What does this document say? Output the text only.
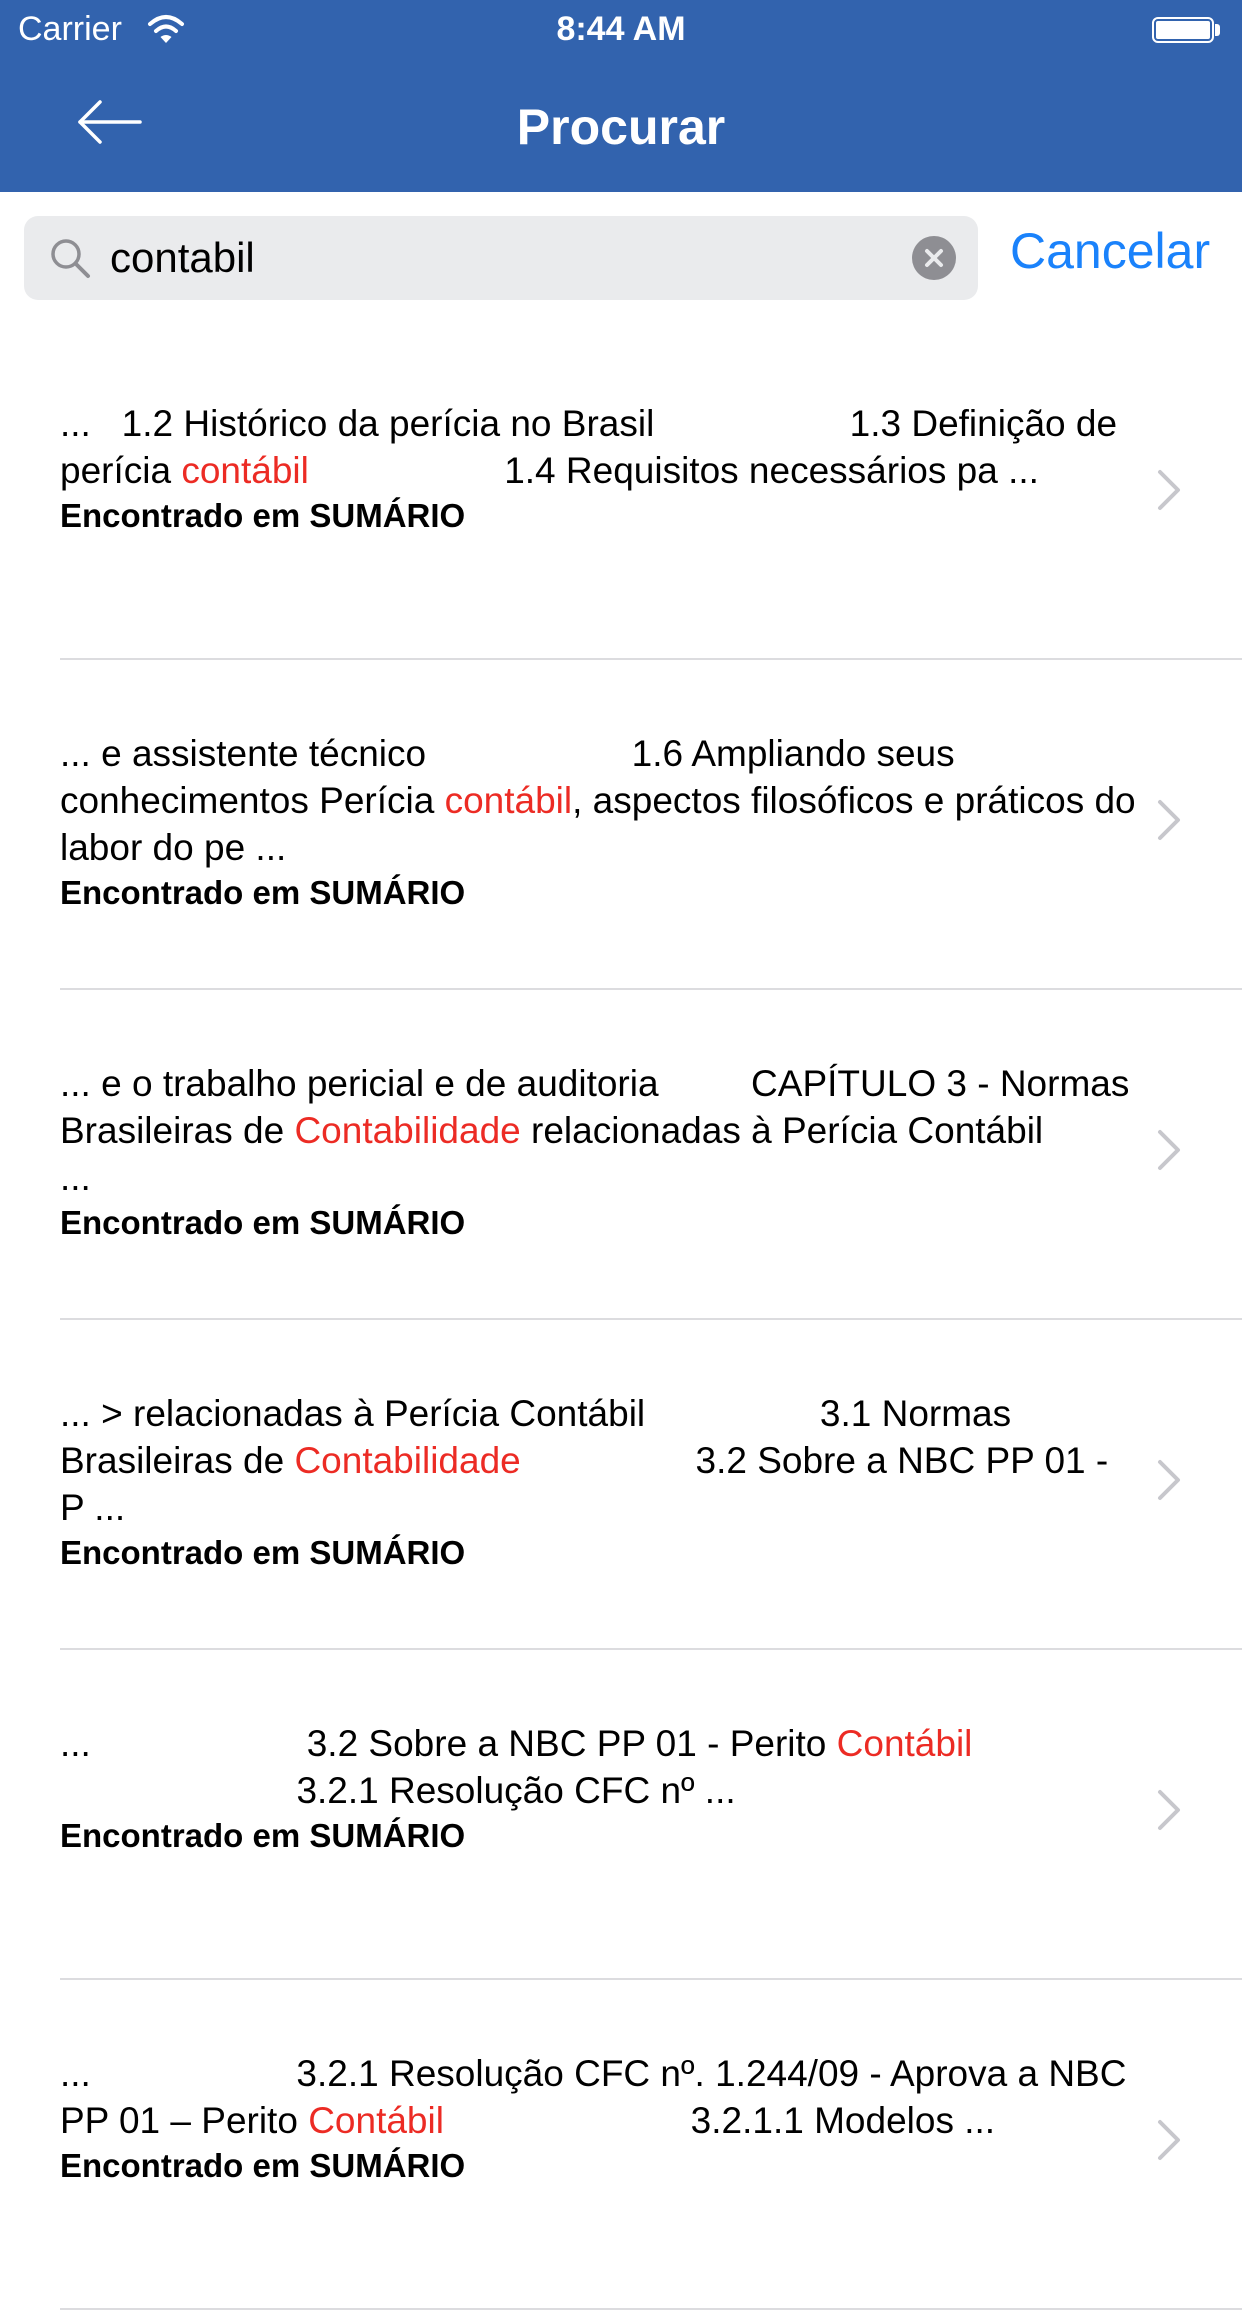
Carrier	8:44 AM
Procurar
contabil
Cancelar
...   1.2 Histórico da perícia no Brasil                   1.3 Definição de perícia contábil                   1.4 Requisitos necessários pa ...
Encontrado em SUMÁRIO
... e assistente técnico                    1.6 Ampliando seus conhecimentos Perícia contábil, aspectos filosóficos e práticos do labor do pe ...
Encontrado em SUMÁRIO
... e o trabalho pericial e de auditoria         CAPÍTULO 3 - Normas Brasileiras de Contabilidade relacionadas à Perícia Contábil          ...
Encontrado em SUMÁRIO
... > relacionadas à Perícia Contábil                 3.1 Normas Brasileiras de Contabilidade                 3.2 Sobre a NBC PP 01 - P ...
Encontrado em SUMÁRIO
...                     3.2 Sobre a NBC PP 01 - Perito Contábil
3.2.1 Resolução CFC nº ...
Encontrado em SUMÁRIO
...                    3.2.1 Resolução CFC nº. 1.244/09 - Aprova a NBC PP 01 – Perito Contábil                        3.2.1.1 Modelos ...
Encontrado em SUMÁRIO
